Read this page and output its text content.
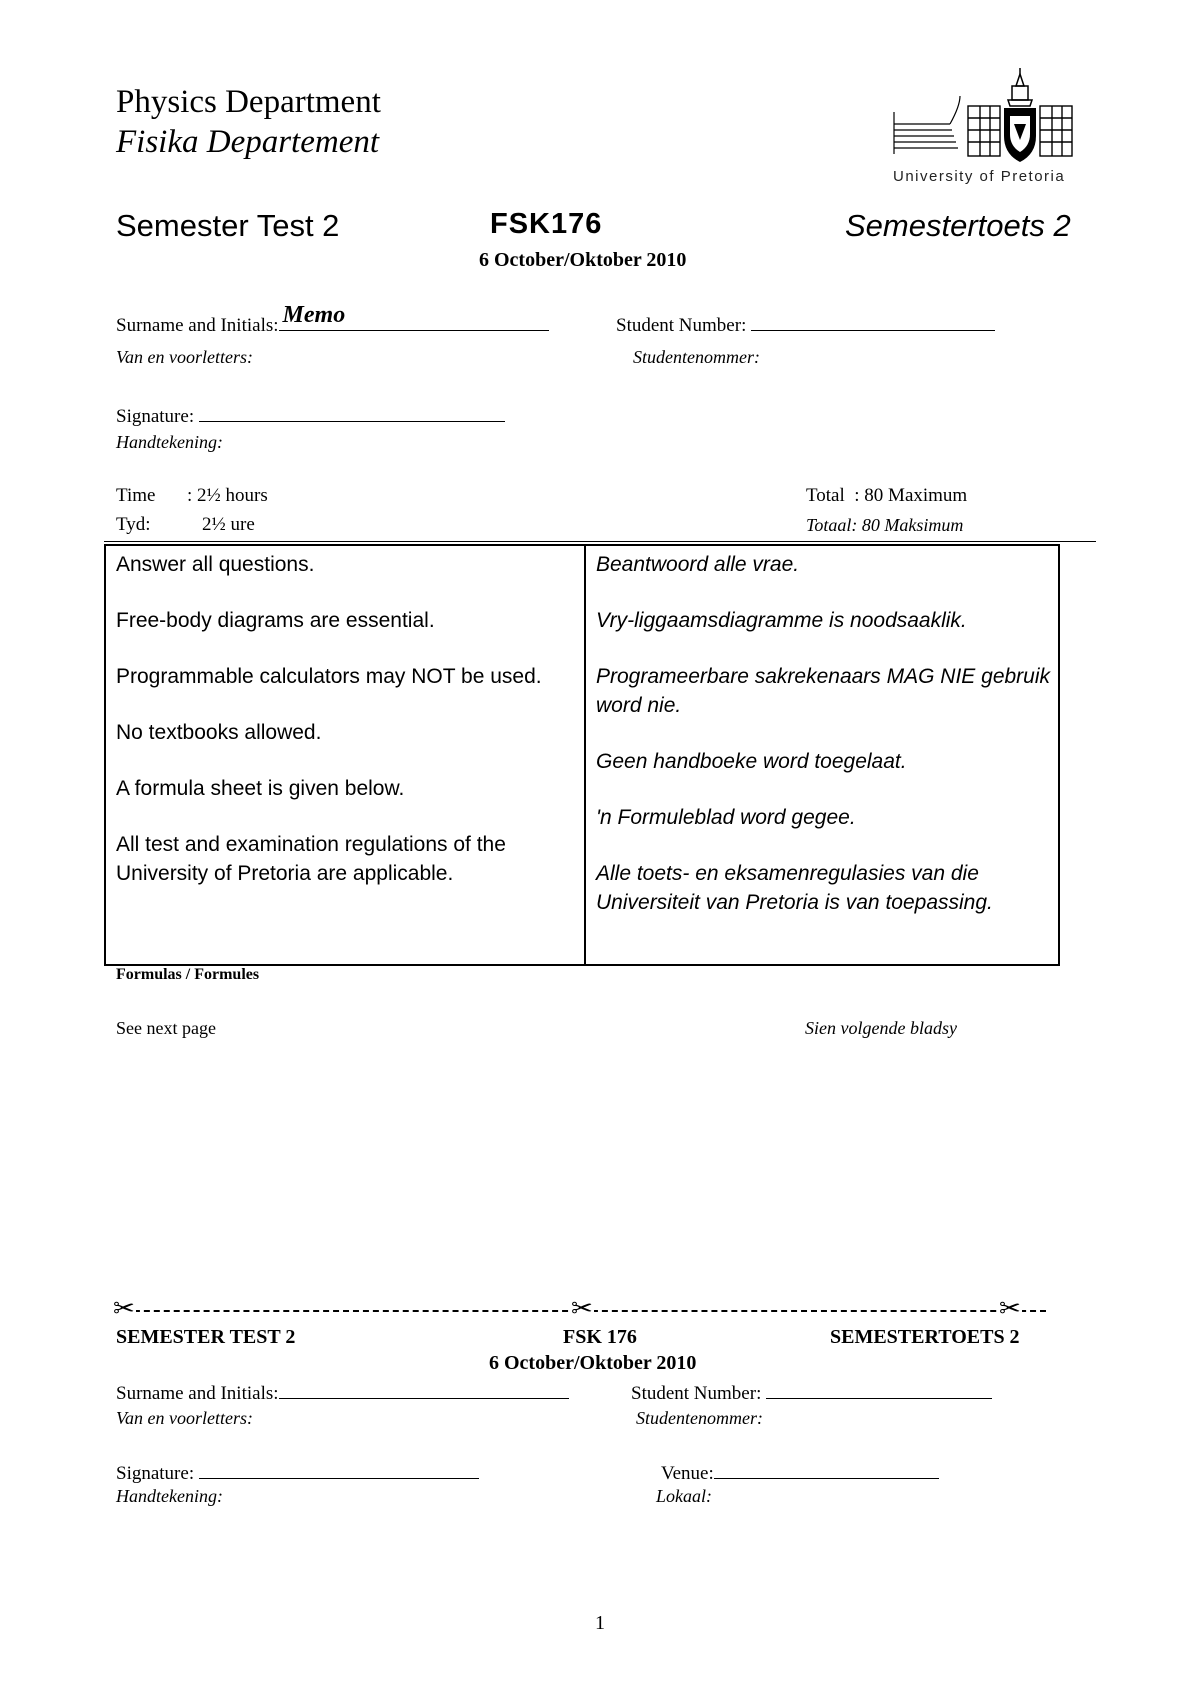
Physics Department
Fisika Departement
University of Pretoria
Semester Test 2	FSK176	Semestertoets 2
6 October/Oktober 2010
Surname and Initials: Memo
Van en voorletters:
Student Number:
Studentenommer:
Signature:
Handtekening:
Time : 2½ hours
Tyd:	2½ ure
Total  : 80 Maximum
Totaal: 80 Maksimum

Answer all questions.

Free-body diagrams are essential.

Programmable calculators may NOT be used.

No textbooks allowed.

A formula sheet is given below.

All test and examination regulations of the University of Pretoria are applicable.

Beantwoord alle vrae.

Vry-liggaamsdiagramme is noodsaaklik.

Programeerbare sakrekenaars MAG NIE gebruik word nie.

Geen handboeke word toegelaat.

'n Formuleblad word gegee.

Alle toets- en eksamenregulasies van die Universiteit van Pretoria is van toepassing.

Formulas / Formules
See next page	Sien volgende bladsy
✂	✂	✂
SEMESTER TEST 2	FSK 176	SEMESTERTOETS 2
6 October/Oktober 2010
Surname and Initials:
Van en voorletters:
Student Number:
Studentenommer:
Signature:
Handtekening:
Venue:
Lokaal:
1
